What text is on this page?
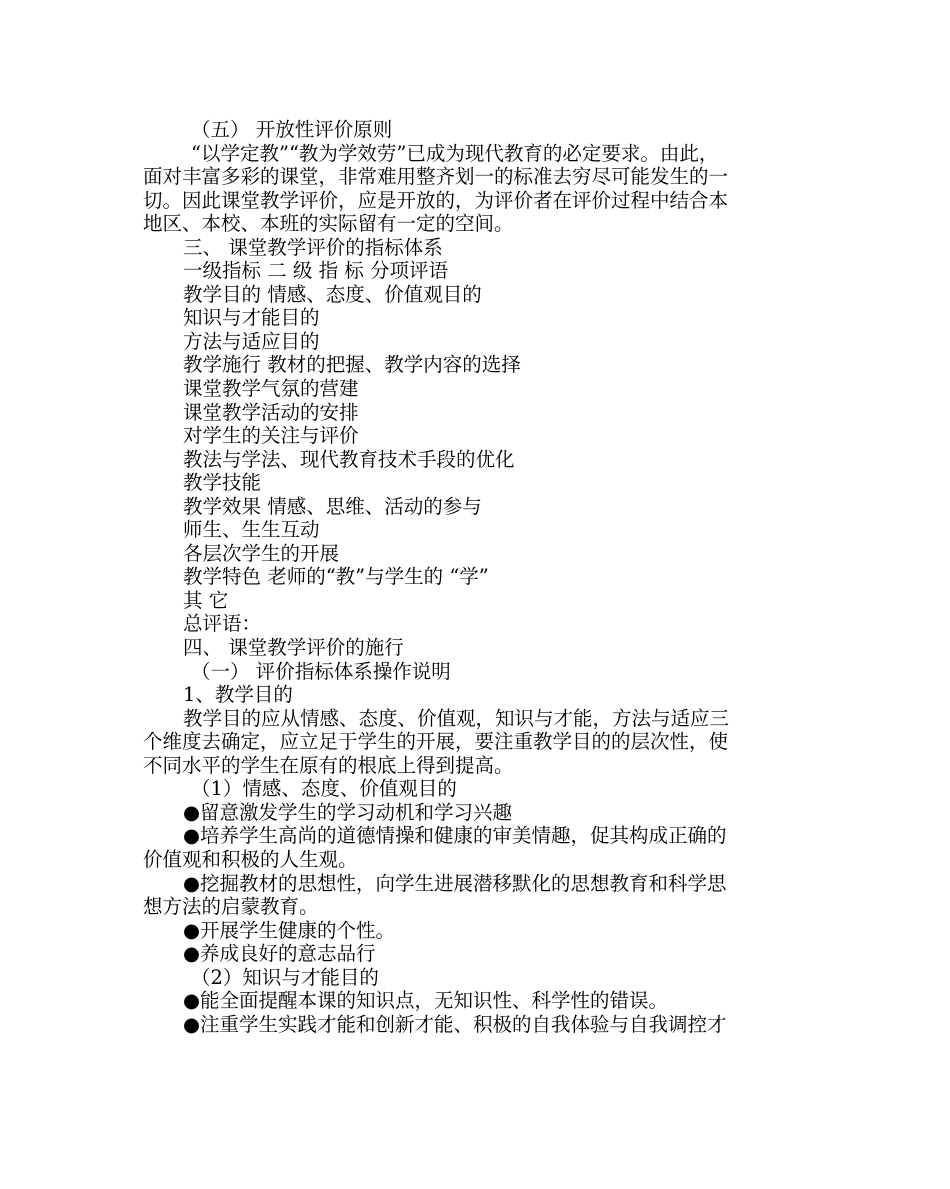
（五） 开放性评价原则

“以学定教”“教为学效劳”已成为现代教育的必定要求。由此，

面对丰富多彩的课堂，非常难用整齐划一的标准去穷尽可能发生的一

切。因此课堂教学评价，应是开放的，为评价者在评价过程中结合本

地区、本校、本班的实际留有一定的空间。

三、 课堂教学评价的指标体系

一级指标 二 级 指 标 分项评语

教学目的 情感、态度、价值观目的

知识与才能目的

方法与适应目的

教学施行 教材的把握、教学内容的选择

课堂教学气氛的营建

课堂教学活动的安排

对学生的关注与评价

教法与学法、现代教育技术手段的优化

教学技能

教学效果 情感、思维、活动的参与

师生、生生互动

各层次学生的开展

教学特色 老师的“教”与学生的 “学”

其 它

总评语：

四、 课堂教学评价的施行

（一） 评价指标体系操作说明

1、教学目的

教学目的应从情感、态度、价值观，知识与才能，方法与适应三

个维度去确定，应立足于学生的开展，要注重教学目的的层次性，使

不同水平的学生在原有的根底上得到提高。

（1）情感、态度、价值观目的

●留意激发学生的学习动机和学习兴趣

●培养学生高尚的道德情操和健康的审美情趣，促其构成正确的

价值观和积极的人生观。

●挖掘教材的思想性，向学生进展潜移默化的思想教育和科学思

想方法的启蒙教育。

●开展学生健康的个性。

●养成良好的意志品行

（2）知识与才能目的

●能全面提醒本课的知识点，无知识性、科学性的错误。

●注重学生实践才能和创新才能、积极的自我体验与自我调控才
